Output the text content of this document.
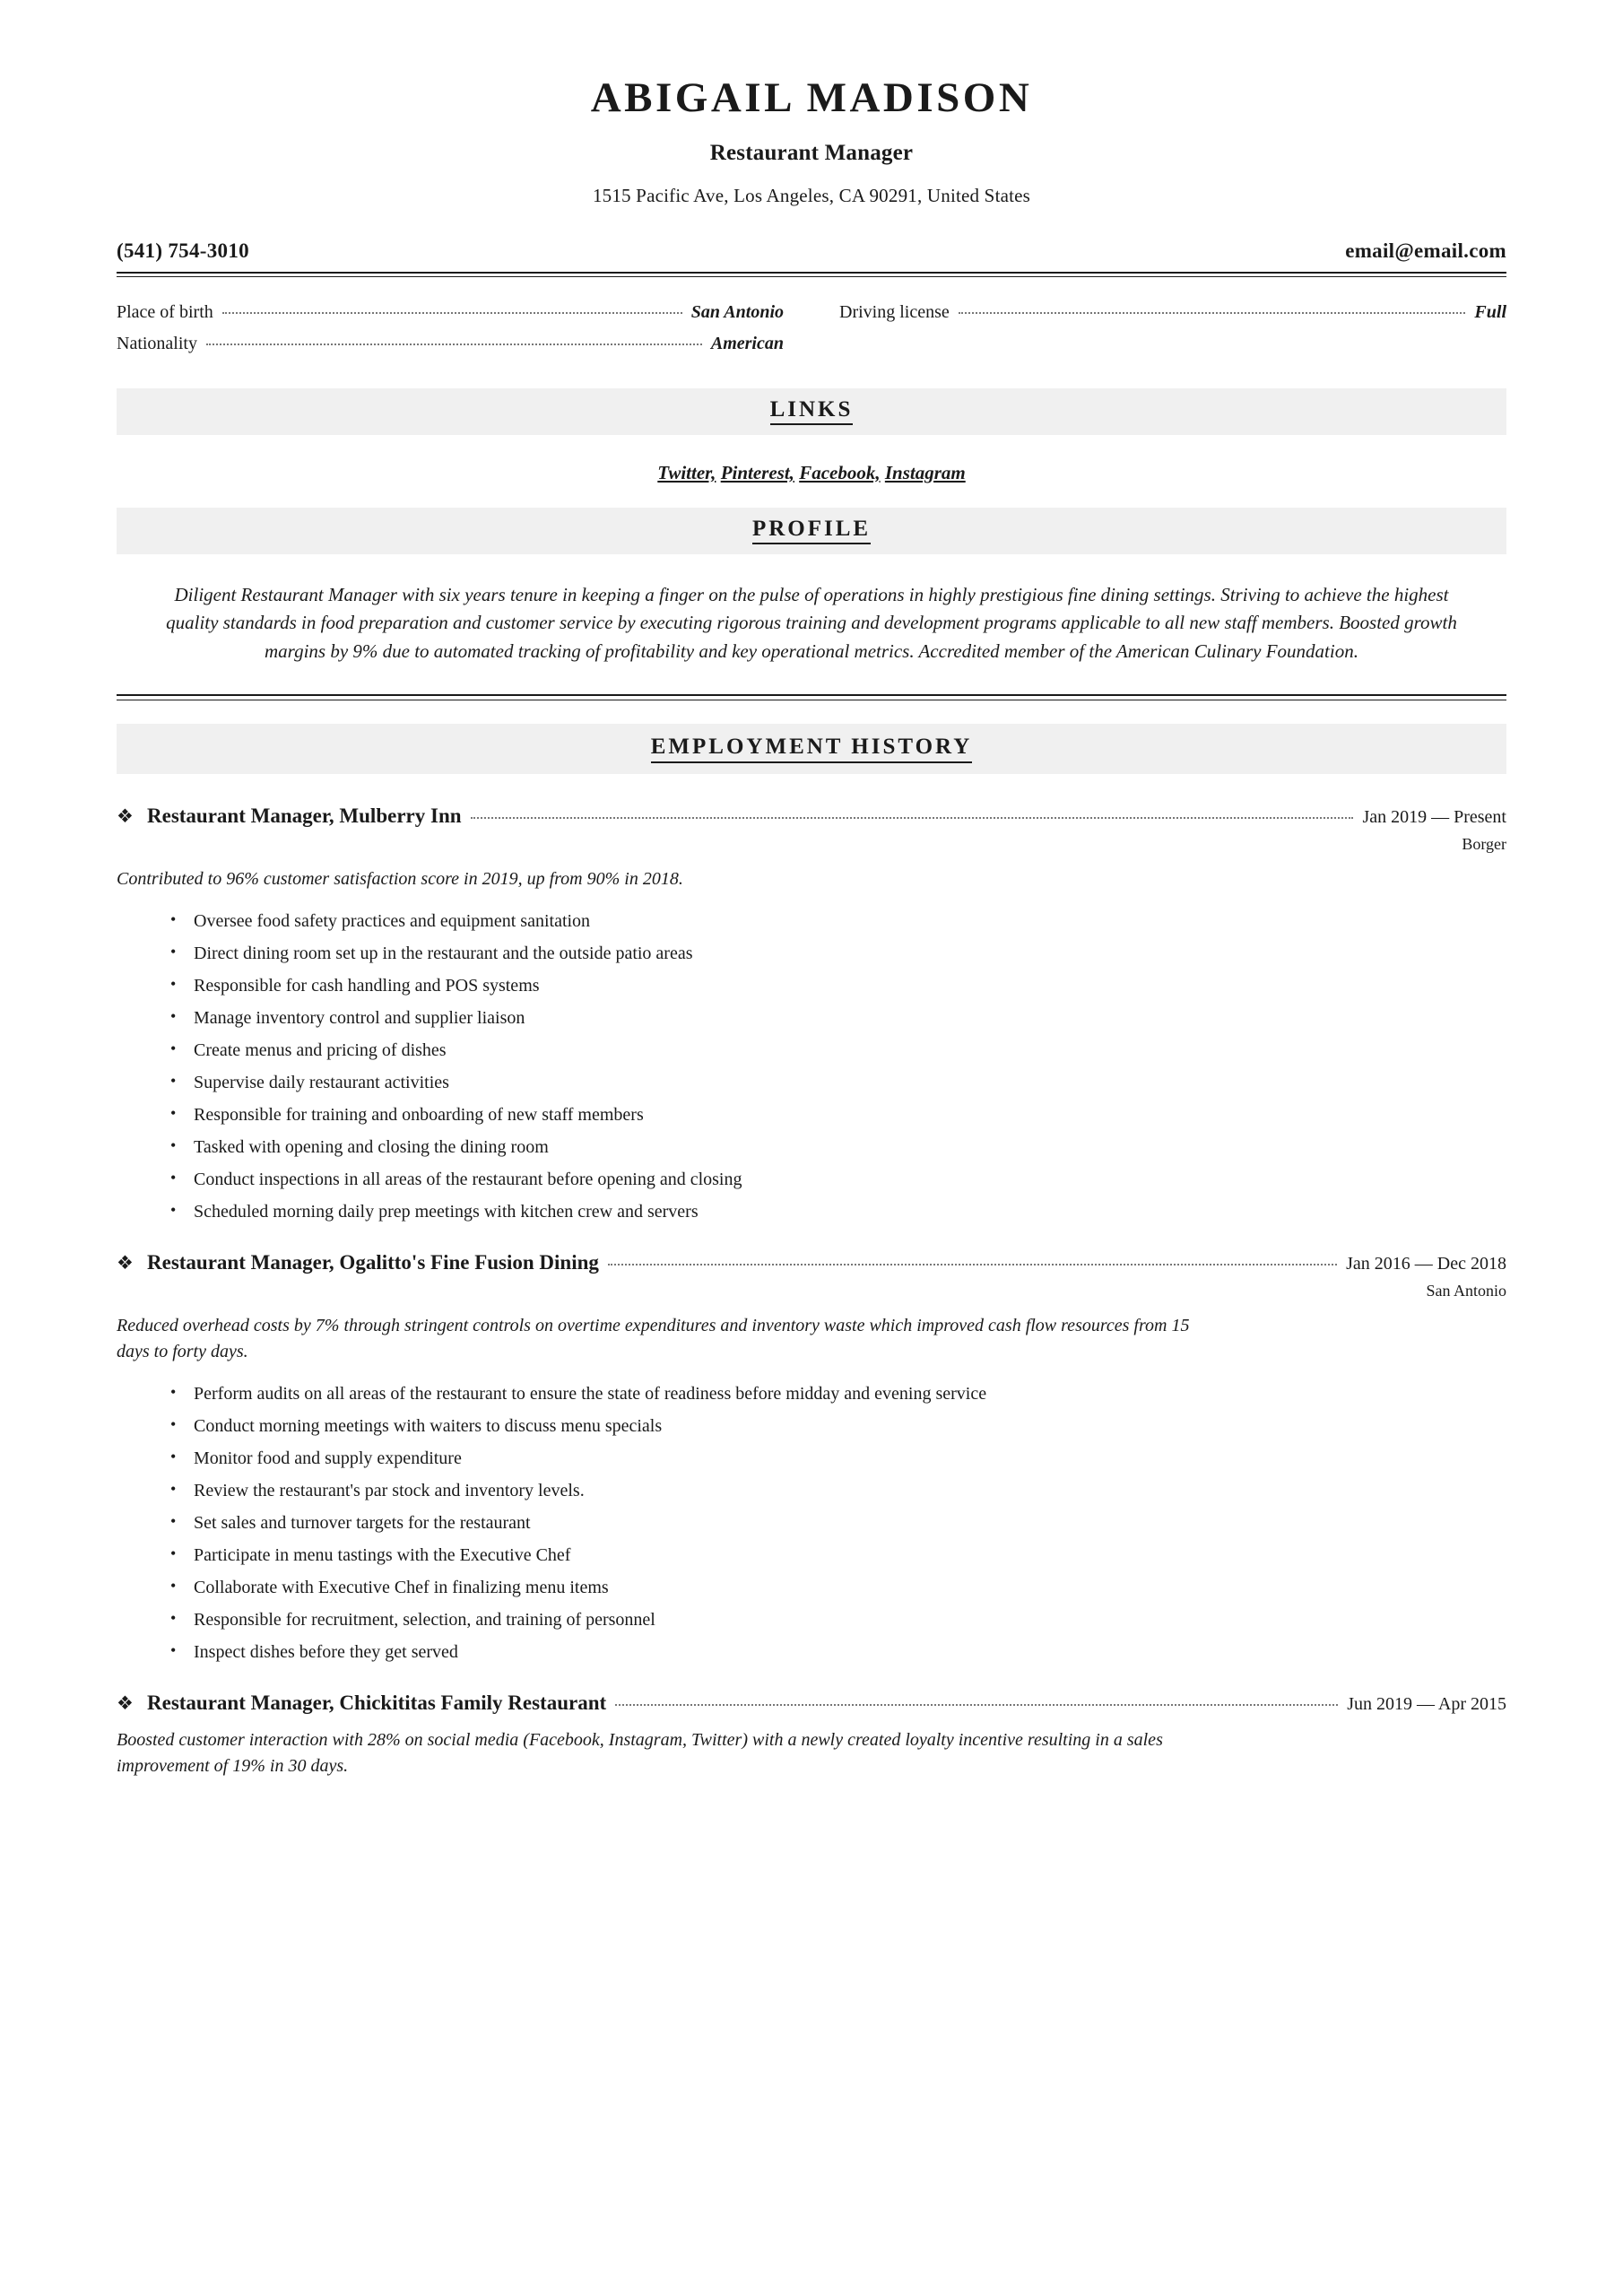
ABIGAIL MADISON
Restaurant Manager
1515 Pacific Ave, Los Angeles, CA 90291, United States
(541) 754-3010	email@email.com
Place of birth	San Antonio
Nationality	American
Driving license	Full
LINKS
Twitter, Pinterest, Facebook, Instagram
PROFILE
Diligent Restaurant Manager with six years tenure in keeping a finger on the pulse of operations in highly prestigious fine dining settings. Striving to achieve the highest quality standards in food preparation and customer service by executing rigorous training and development programs applicable to all new staff members. Boosted growth margins by 9% due to automated tracking of profitability and key operational metrics. Accredited member of the American Culinary Foundation.
EMPLOYMENT HISTORY
❖ Restaurant Manager, Mulberry Inn	Jan 2019 — Present
Borger
Contributed to 96% customer satisfaction score in 2019, up from 90% in 2018.
• Oversee food safety practices and equipment sanitation
• Direct dining room set up in the restaurant and the outside patio areas
• Responsible for cash handling and POS systems
• Manage inventory control and supplier liaison
• Create menus and pricing of dishes
• Supervise daily restaurant activities
• Responsible for training and onboarding of new staff members
• Tasked with opening and closing the dining room
• Conduct inspections in all areas of the restaurant before opening and closing
• Scheduled morning daily prep meetings with kitchen crew and servers
❖ Restaurant Manager, Ogalitto's Fine Fusion Dining	Jan 2016 — Dec 2018
San Antonio
Reduced overhead costs by 7% through stringent controls on overtime expenditures and inventory waste which improved cash flow resources from 15 days to forty days.
• Perform audits on all areas of the restaurant to ensure the state of readiness before midday and evening service
• Conduct morning meetings with waiters to discuss menu specials
• Monitor food and supply expenditure
• Review the restaurant's par stock and inventory levels.
• Set sales and turnover targets for the restaurant
• Participate in menu tastings with the Executive Chef
• Collaborate with Executive Chef in finalizing menu items
• Responsible for recruitment, selection, and training of personnel
• Inspect dishes before they get served
❖ Restaurant Manager, Chickititas Family Restaurant	Jun 2019 — Apr 2015
Boosted customer interaction with 28% on social media (Facebook, Instagram, Twitter) with a newly created loyalty incentive resulting in a sales improvement of 19% in 30 days.
